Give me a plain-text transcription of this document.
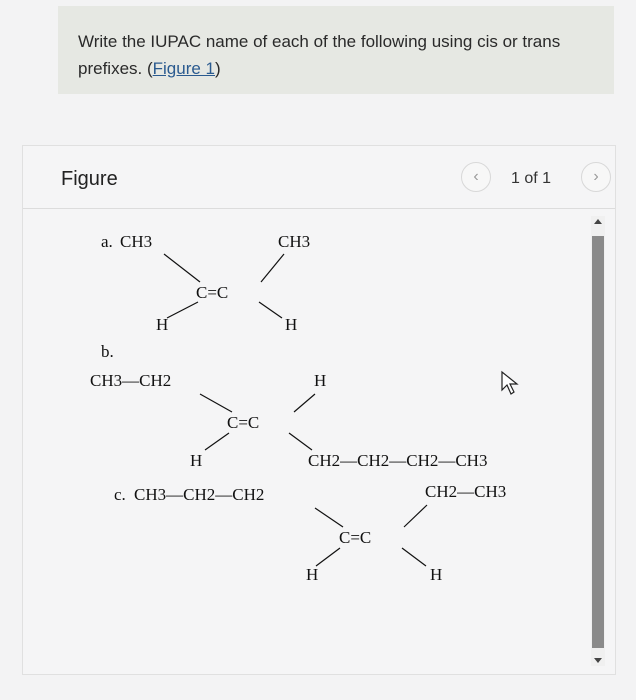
Write the IUPAC name of each of the following using cis or trans prefixes. (Figure 1)
Figure	‹	1 of 1	›
a. CH3	CH3
C=C
H	H
b.
CH3—CH2	H
C=C
H	CH2—CH2—CH2—CH3
c. CH3—CH2—CH2	CH2—CH3
C=C
H	H
